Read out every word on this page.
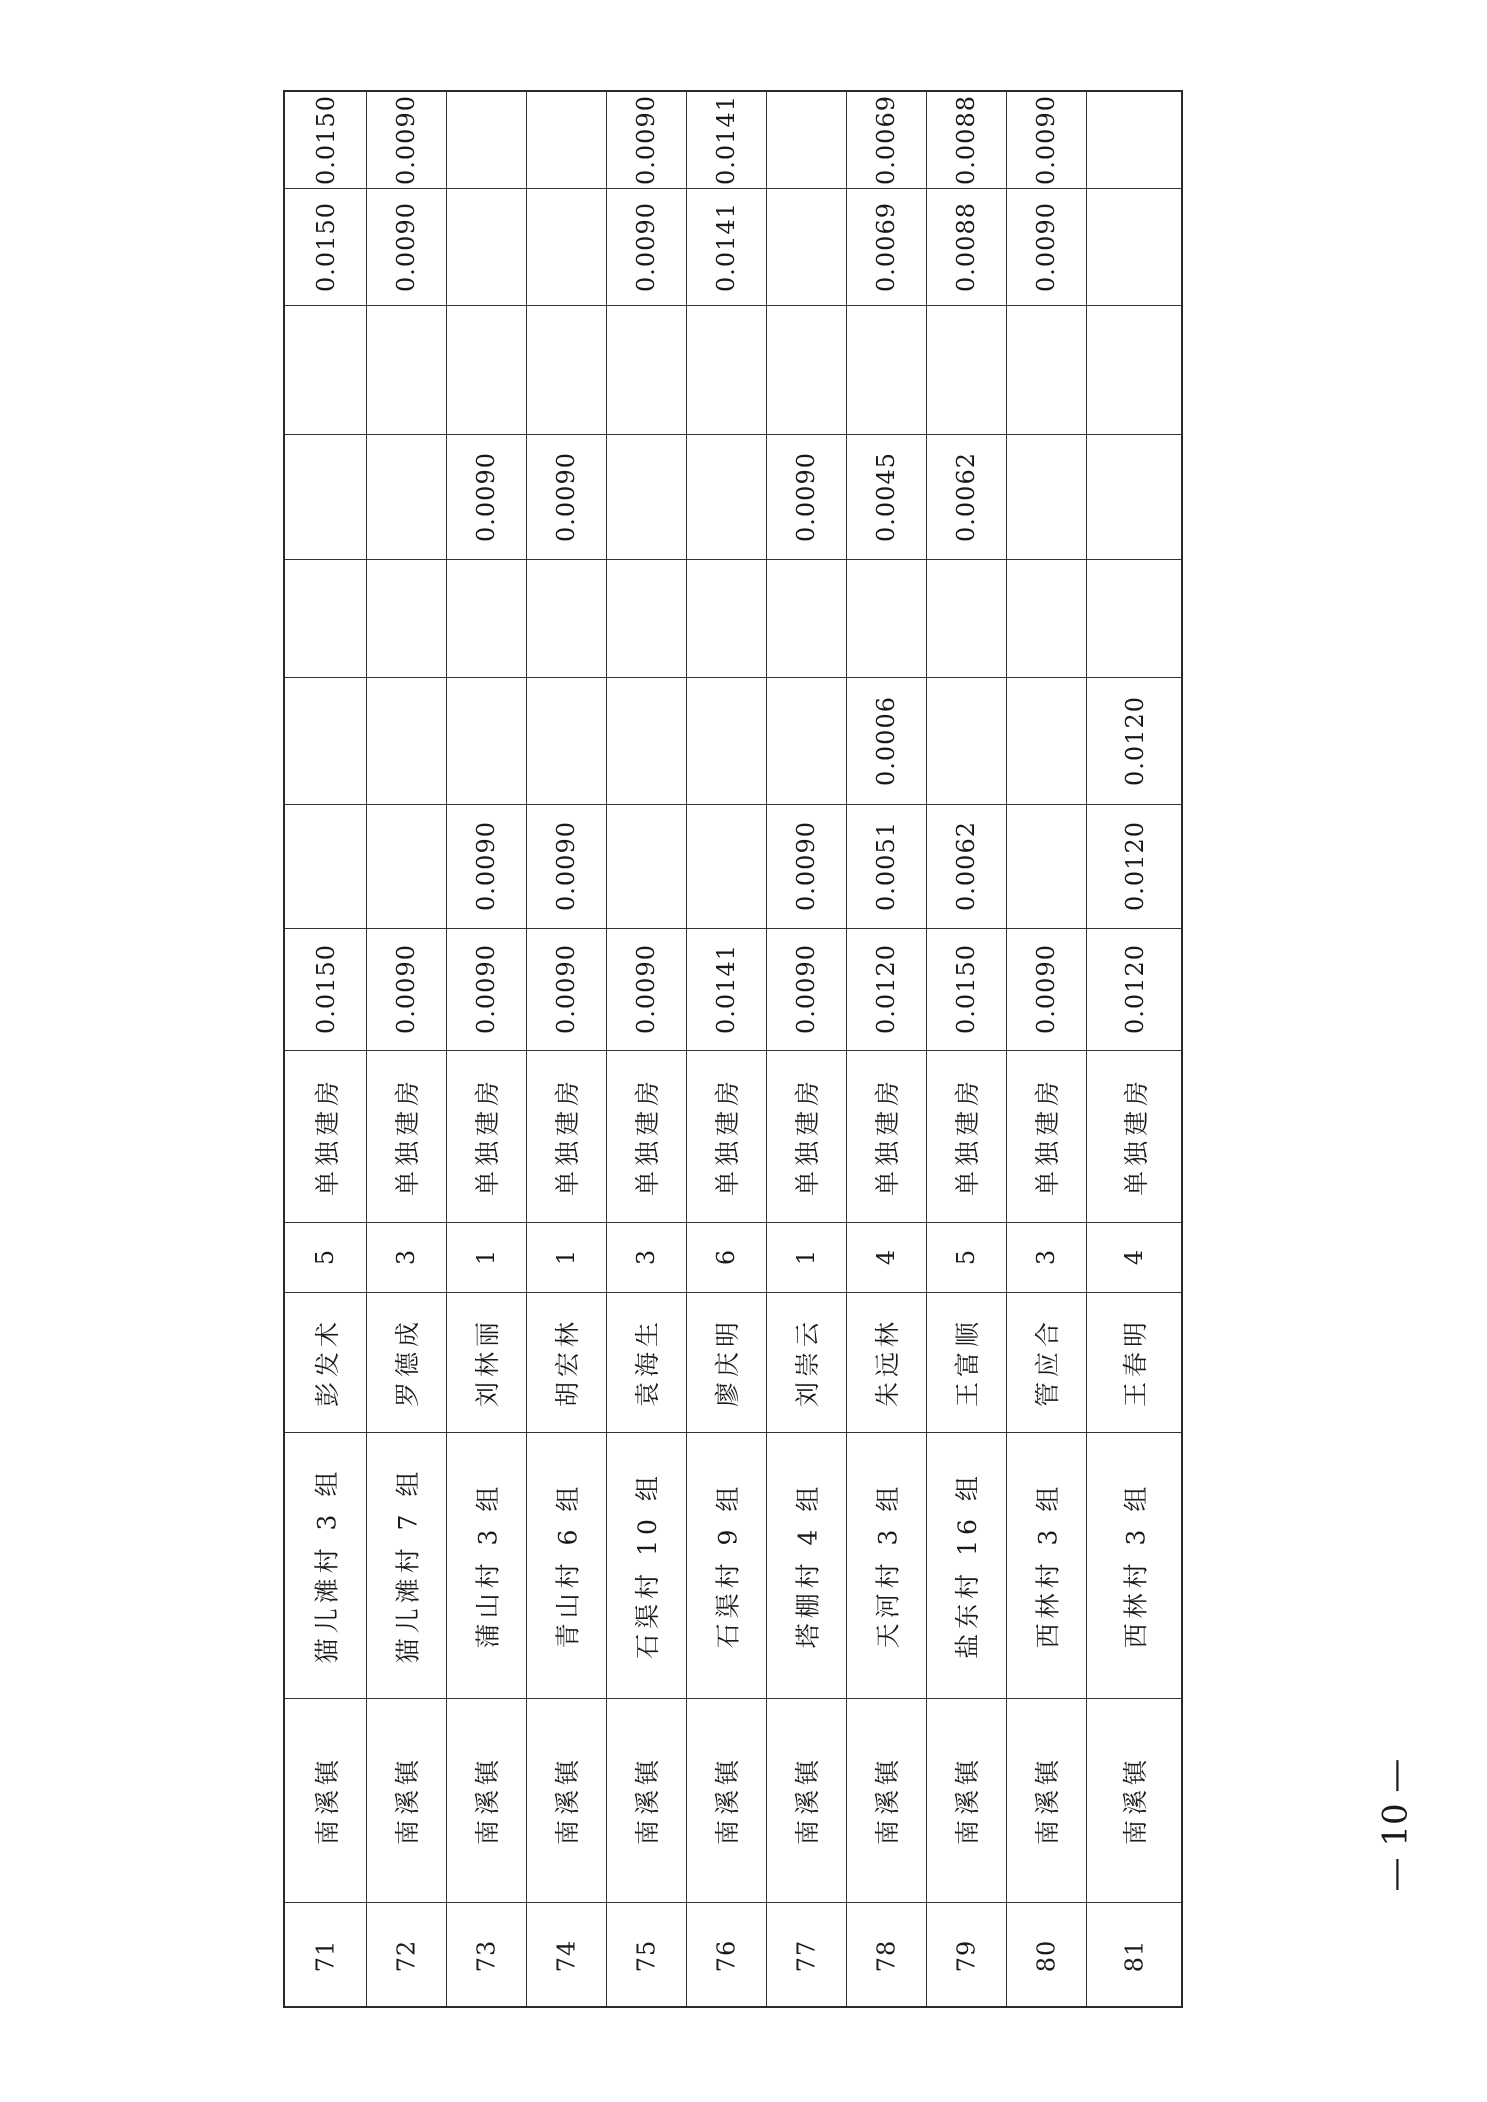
71
南溪镇
猫儿滩村 3 组
彭发术
5
单独建房
0.0150
0.0150
0.0150
72
南溪镇
猫儿滩村 7 组
罗德成
3
单独建房
0.0090
0.0090
0.0090
73
南溪镇
蒲山村 3 组
刘林丽
1
单独建房
0.0090
0.0090
0.0090
74
南溪镇
青山村 6 组
胡宏林
1
单独建房
0.0090
0.0090
0.0090
75
南溪镇
石渠村 10 组
袁海生
3
单独建房
0.0090
0.0090
0.0090
76
南溪镇
石渠村 9 组
廖庆明
6
单独建房
0.0141
0.0141
0.0141
77
南溪镇
塔棚村 4 组
刘崇云
1
单独建房
0.0090
0.0090
0.0090
78
南溪镇
天河村 3 组
朱远林
4
单独建房
0.0120
0.0051
0.0006
0.0045
0.0069
0.0069
79
南溪镇
盐东村 16 组
王富顺
5
单独建房
0.0150
0.0062
0.0062
0.0088
0.0088
80
南溪镇
西林村 3 组
管应合
3
单独建房
0.0090
0.0090
0.0090
81
南溪镇
西林村 3 组
王春明
4
单独建房
0.0120
0.0120
0.0120
— 10 —
